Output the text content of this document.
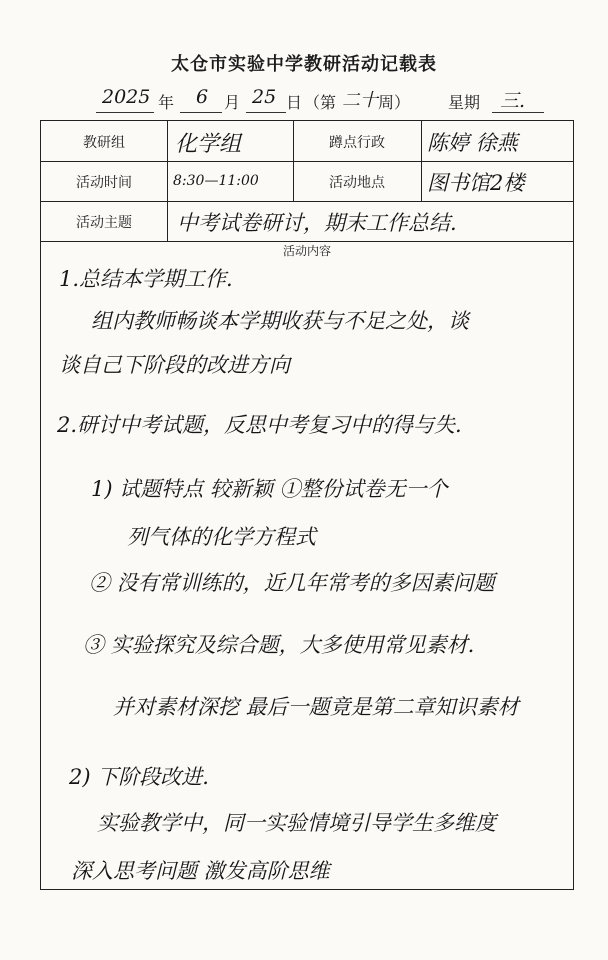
太仓市实验中学教研活动记载表
2025 年 6 月 25 日 （第 二十 周） 星期 三.
教研组	化学组	蹲点行政	陈婷 徐燕
活动时间	8:30—11:00	活动地点	图书馆2楼
活动主题	中考试卷研讨，期末工作总结.
活动内容
1.总结本学期工作.
组内教师畅谈本学期收获与不足之处，谈
谈自己下阶段的改进方向
2.研讨中考试题，反思中考复习中的得与失.
1) 试题特点 较新颖 ①整份试卷无一个
列气体的化学方程式
② 没有常训练的，近几年常考的多因素问题
③ 实验探究及综合题，大多使用常见素材.
并对素材深挖 最后一题竟是第二章知识素材
2) 下阶段改进.
实验教学中，同一实验情境引导学生多维度
深入思考问题 激发高阶思维
